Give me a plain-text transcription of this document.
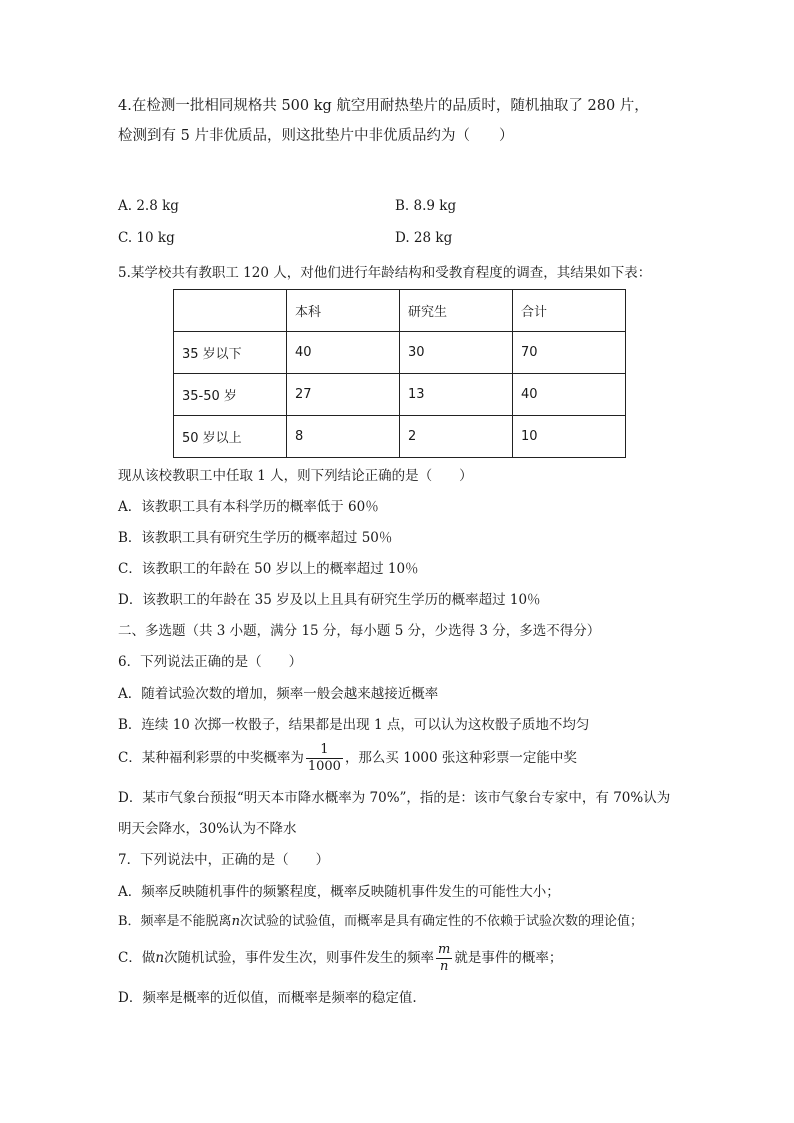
4.在检测一批相同规格共 500 kg 航空用耐热垫片的品质时，随机抽取了 280 片，
检测到有 5 片非优质品，则这批垫片中非优质品约为（　　）
A. 2.8 kg	B. 8.9 kg
C. 10 kg	D. 28 kg
5.某学校共有教职工 120 人，对他们进行年龄结构和受教育程度的调查，其结果如下表：
	本科	研究生	合计
35 岁以下	40	30	70
35-50 岁	27	13	40
50 岁以上	8	2	10
现从该校教职工中任取 1 人，则下列结论正确的是（　　）
A．该教职工具有本科学历的概率低于 60％
B．该教职工具有研究生学历的概率超过 50％
C．该教职工的年龄在 50 岁以上的概率超过 10％
D．该教职工的年龄在 35 岁及以上且具有研究生学历的概率超过 10％
二、多选题（共 3 小题，满分 15 分，每小题 5 分，少选得 3 分，多选不得分）
6．下列说法正确的是（　　）
A．随着试验次数的增加，频率一般会越来越接近概率
B．连续 10 次掷一枚骰子，结果都是出现 1 点，可以认为这枚骰子质地不均匀
C．某种福利彩票的中奖概率为 $\frac{1}{1000}$ ，那么买 1000 张这种彩票一定能中奖
D．某市气象台预报“明天本市降水概率为 70%”，指的是：该市气象台专家中，有 70%认为
明天会降水，30%认为不降水
7．下列说法中，正确的是（　　）
A．频率反映随机事件的频繁程度，概率反映随机事件发生的可能性大小；
B．频率是不能脱离n次试验的试验值，而概率是具有确定性的不依赖于试验次数的理论值；
C．做n次随机试验，事件发生次，则事件发生的频率 $\frac{m}{n}$ 就是事件的概率；
D．频率是概率的近似值，而概率是频率的稳定值.
